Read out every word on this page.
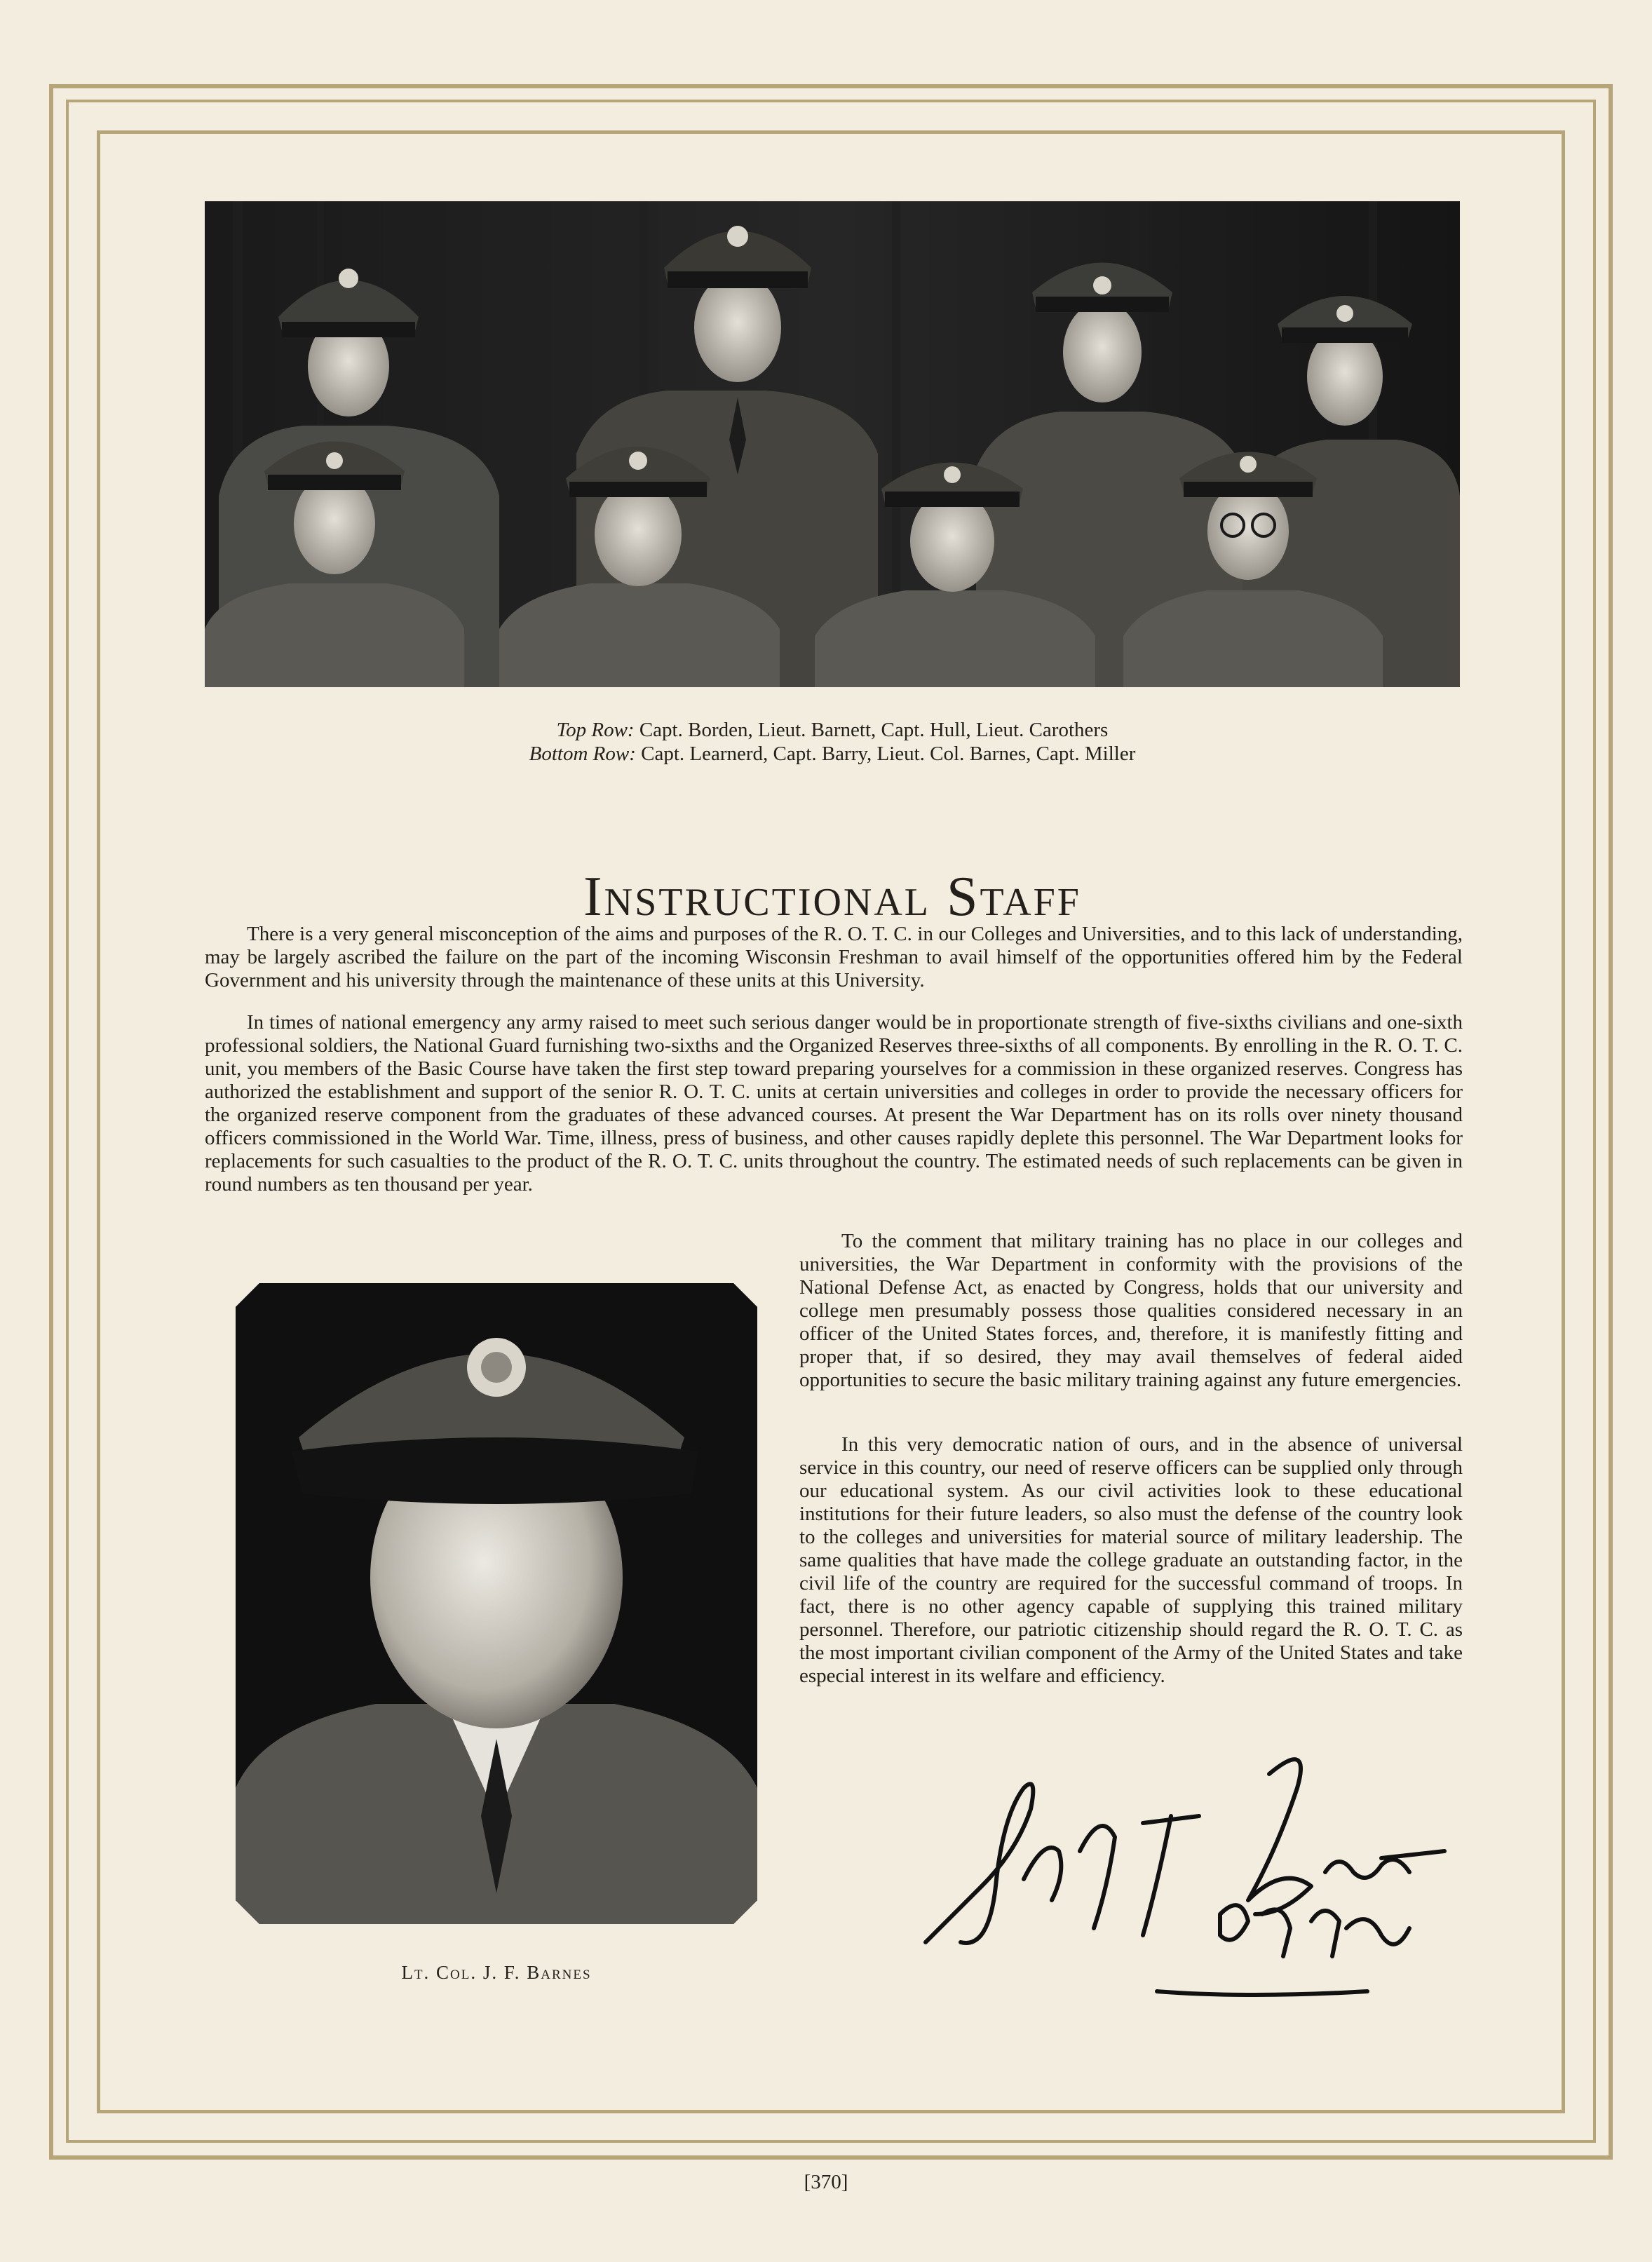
Top Row: Capt. Borden, Lieut. Barnett, Capt. Hull, Lieut. Carothers
Bottom Row: Capt. Learnerd, Capt. Barry, Lieut. Col. Barnes, Capt. Miller
Instructional Staff

There is a very general misconception of the aims and purposes of the R. O. T. C. in our Colleges and Universities, and to this lack of understanding, may be largely ascribed the failure on the part of the incoming Wisconsin Freshman to avail himself of the opportunities offered him by the Federal Government and his university through the maintenance of these units at this University.

In times of national emergency any army raised to meet such serious danger would be in proportionate strength of five-sixths civilians and one-sixth professional soldiers, the National Guard furnishing two-sixths and the Organized Reserves three-sixths of all components. By enrolling in the R. O. T. C. unit, you members of the Basic Course have taken the first step toward preparing yourselves for a commission in these organized reserves. Congress has authorized the establishment and support of the senior R. O. T. C. units at certain universities and colleges in order to provide the necessary officers for the organized reserve component from the graduates of these advanced courses. At present the War Department has on its rolls over ninety thousand officers commissioned in the World War. Time, illness, press of business, and other causes rapidly deplete this personnel. The War Department looks for replacements for such casualties to the product of the R. O. T. C. units throughout the country. The estimated needs of such replacements can be given in round numbers as ten thousand per year.

To the comment that military training has no place in our colleges and universities, the War Department in conformity with the provisions of the National Defense Act, as enacted by Congress, holds that our university and college men presumably possess those qualities considered necessary in an officer of the United States forces, and, therefore, it is manifestly fitting and proper that, if so desired, they may avail themselves of federal aided opportunities to secure the basic military training against any future emergencies.

In this very democratic nation of ours, and in the absence of universal service in this country, our need of reserve officers can be supplied only through our educational system. As our civil activities look to these educational institutions for their future leaders, so also must the defense of the country look to the colleges and universities for material source of military leadership. The same qualities that have made the college graduate an outstanding factor, in the civil life of the country are required for the successful command of troops. In fact, there is no other agency capable of supplying this trained military personnel. Therefore, our patriotic citizenship should regard the R. O. T. C. as the most important civilian component of the Army of the United States and take especial interest in its welfare and efficiency.

Lt. Col. J. F. Barnes
[370]
